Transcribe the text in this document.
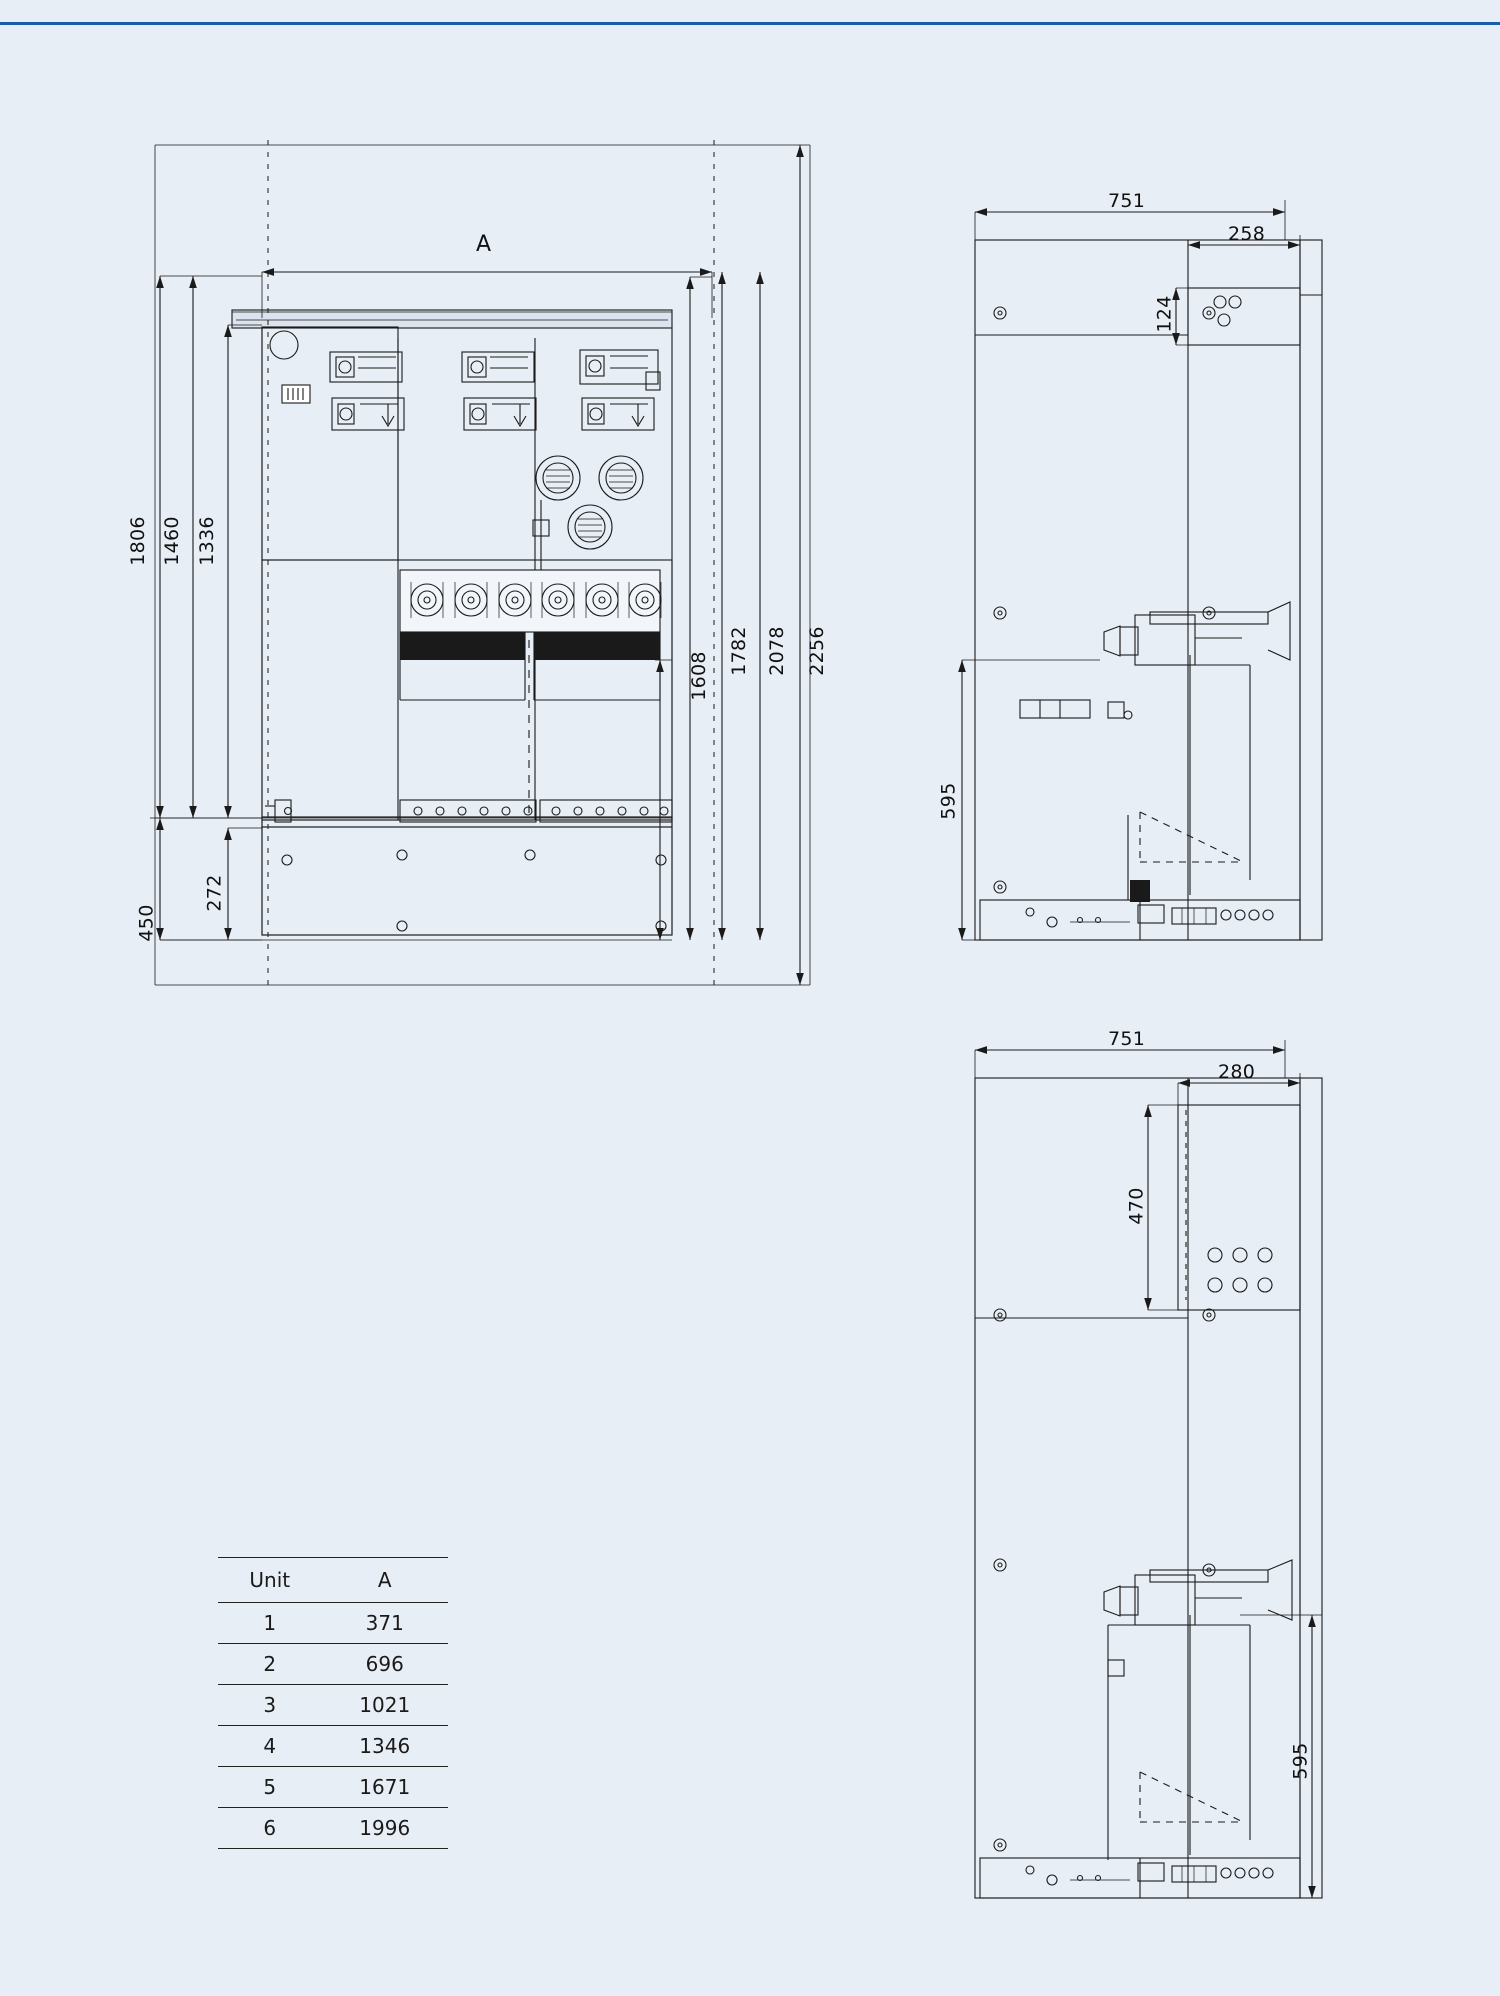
A
1806 1460 1336
450
272
1608
1782 2078 2256
751
258
124
595
751
280
470
595
Unit	A
1	371
2	696
3	1021
4	1346
5	1671
6	1996
